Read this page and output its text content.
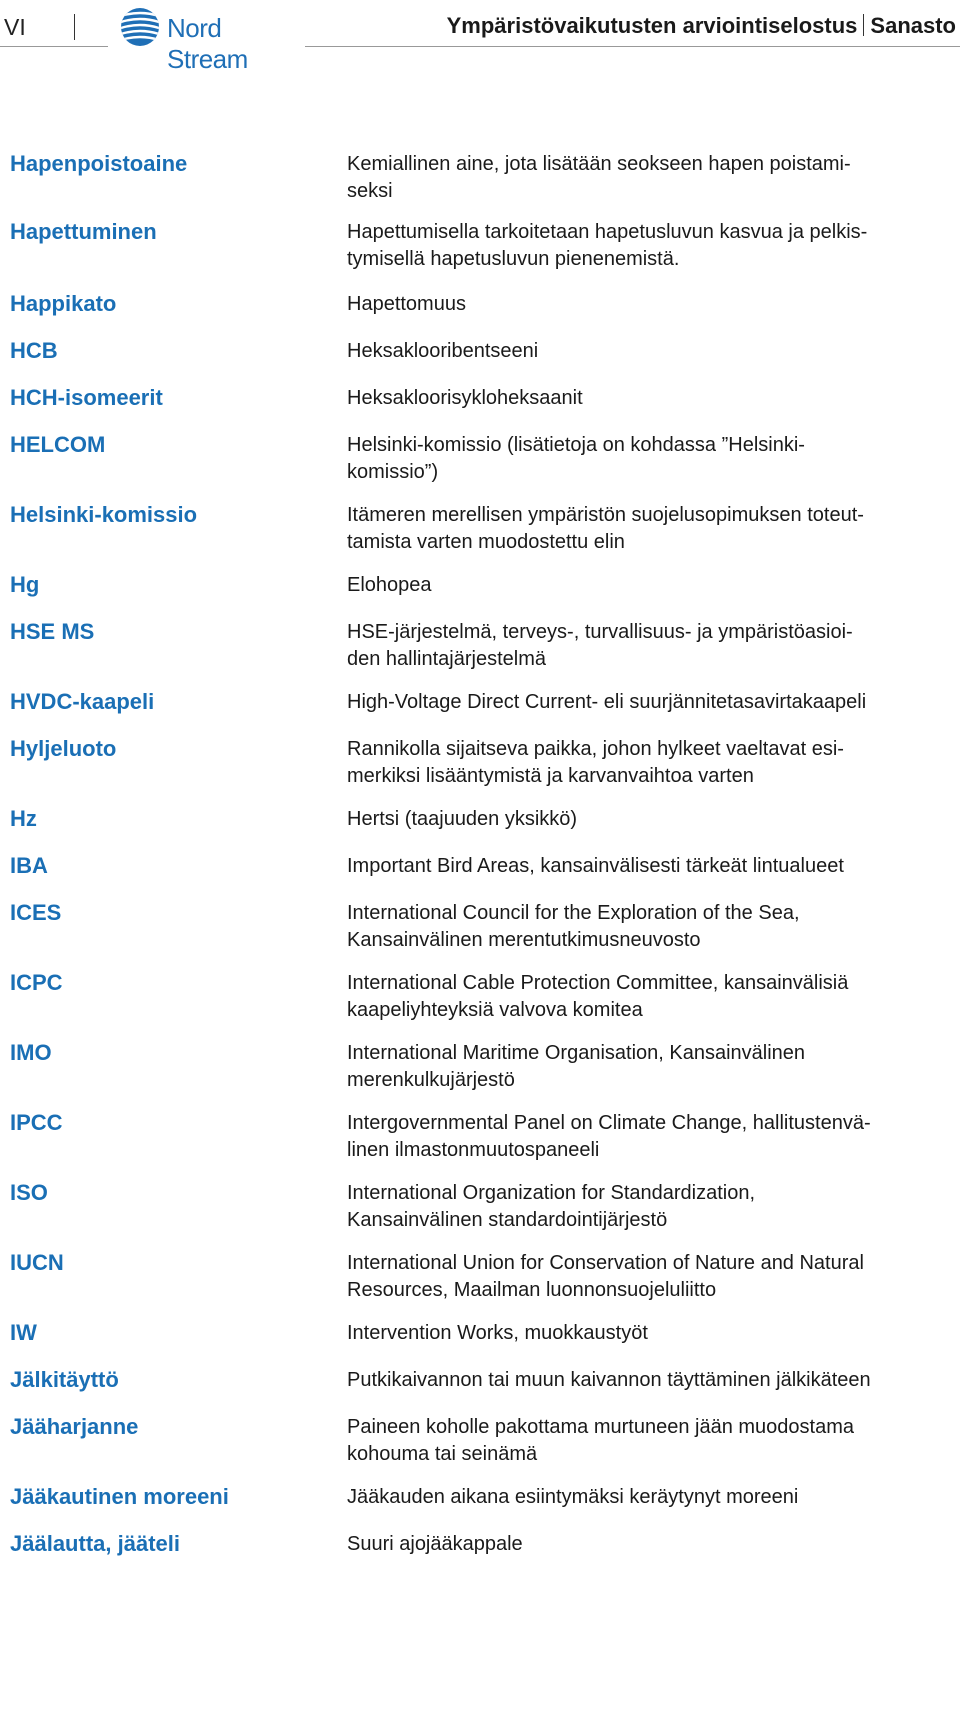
VI	Nord Stream
Ympäristövaikutusten arviointiselostus Sanasto
Hapenpoistoaine	Kemiallinen aine, jota lisätään seokseen hapen poistami-
seksi
Hapettuminen	Hapettumisella tarkoitetaan hapetusluvun kasvua ja pelkis-
tymisellä hapetusluvun pienenemistä.
Happikato	Hapettomuus
HCB	Heksaklooribentseeni
HCH-isomeerit	Heksakloorisykloheksaanit
HELCOM	Helsinki-komissio (lisätietoja on kohdassa ”Helsinki-
komissio”)
Helsinki-komissio	Itämeren merellisen ympäristön suojelusopimuksen toteut-
tamista varten muodostettu elin
Hg	Elohopea
HSE MS	HSE-järjestelmä, terveys-, turvallisuus- ja ympäristöasioi-
den hallintajärjestelmä
HVDC-kaapeli	High-Voltage Direct Current- eli suurjännitetasavirtakaapeli
Hyljeluoto	Rannikolla sijaitseva paikka, johon hylkeet vaeltavat esi-
merkiksi lisääntymistä ja karvanvaihtoa varten
Hz	Hertsi (taajuuden yksikkö)
IBA	Important Bird Areas, kansainvälisesti tärkeät lintualueet
ICES	International Council for the Exploration of the Sea,
Kansainvälinen merentutkimusneuvosto
ICPC	International Cable Protection Committee, kansainvälisiä
kaapeliyhteyksiä valvova komitea
IMO	International Maritime Organisation, Kansainvälinen
merenkulkujärjestö
IPCC	Intergovernmental Panel on Climate Change, hallitustenvä-
linen ilmastonmuutospaneeli
ISO	International Organization for Standardization,
Kansainvälinen standardointijärjestö
IUCN	International Union for Conservation of Nature and Natural
Resources, Maailman luonnonsuojeluliitto
IW	Intervention Works, muokkaustyöt
Jälkitäyttö	Putkikaivannon tai muun kaivannon täyttäminen jälkikäteen
Jääharjanne	Paineen koholle pakottama murtuneen jään muodostama
kohouma tai seinämä
Jääkautinen moreeni	Jääkauden aikana esiintymäksi keräytynyt moreeni
Jäälautta, jääteli	Suuri ajojääkappale
